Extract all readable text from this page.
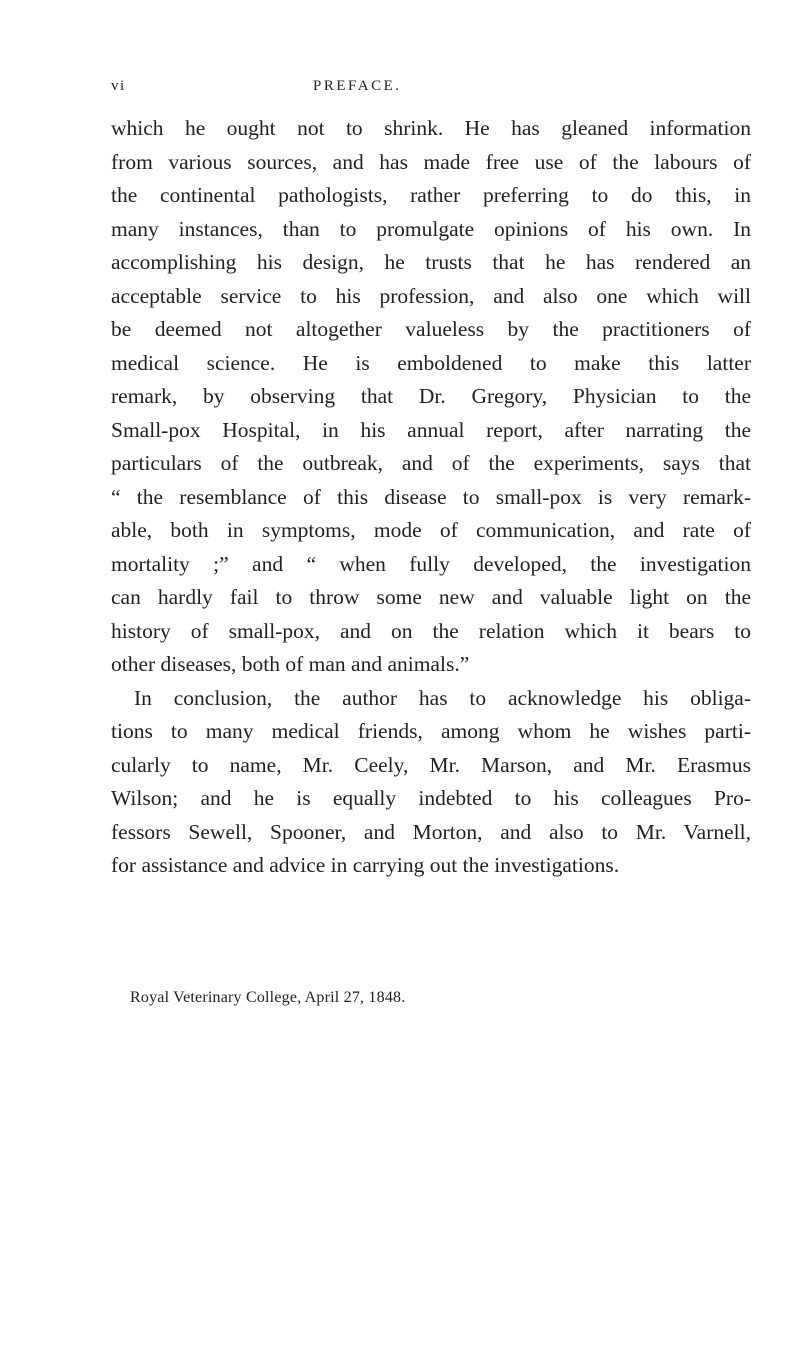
vi	PREFACE.
which he ought not to shrink. He has gleaned information
from various sources, and has made free use of the labours of
the continental pathologists, rather preferring to do this, in
many instances, than to promulgate opinions of his own. In
accomplishing his design, he trusts that he has rendered an
acceptable service to his profession, and also one which will
be deemed not altogether valueless by the practitioners of
medical science. He is emboldened to make this latter
remark, by observing that Dr. Gregory, Physician to the
Small-pox Hospital, in his annual report, after narrating the
particulars of the outbreak, and of the experiments, says that
“ the resemblance of this disease to small-pox is very remark-
able, both in symptoms, mode of communication, and rate of
mortality ;” and “ when fully developed, the investigation
can hardly fail to throw some new and valuable light on the
history of small-pox, and on the relation which it bears to
other diseases, both of man and animals.”
In conclusion, the author has to acknowledge his obliga-
tions to many medical friends, among whom he wishes parti-
cularly to name, Mr. Ceely, Mr. Marson, and Mr. Erasmus
Wilson; and he is equally indebted to his colleagues Pro-
fessors Sewell, Spooner, and Morton, and also to Mr. Varnell,
for assistance and advice in carrying out the investigations.
Royal Veterinary College, April 27, 1848.
